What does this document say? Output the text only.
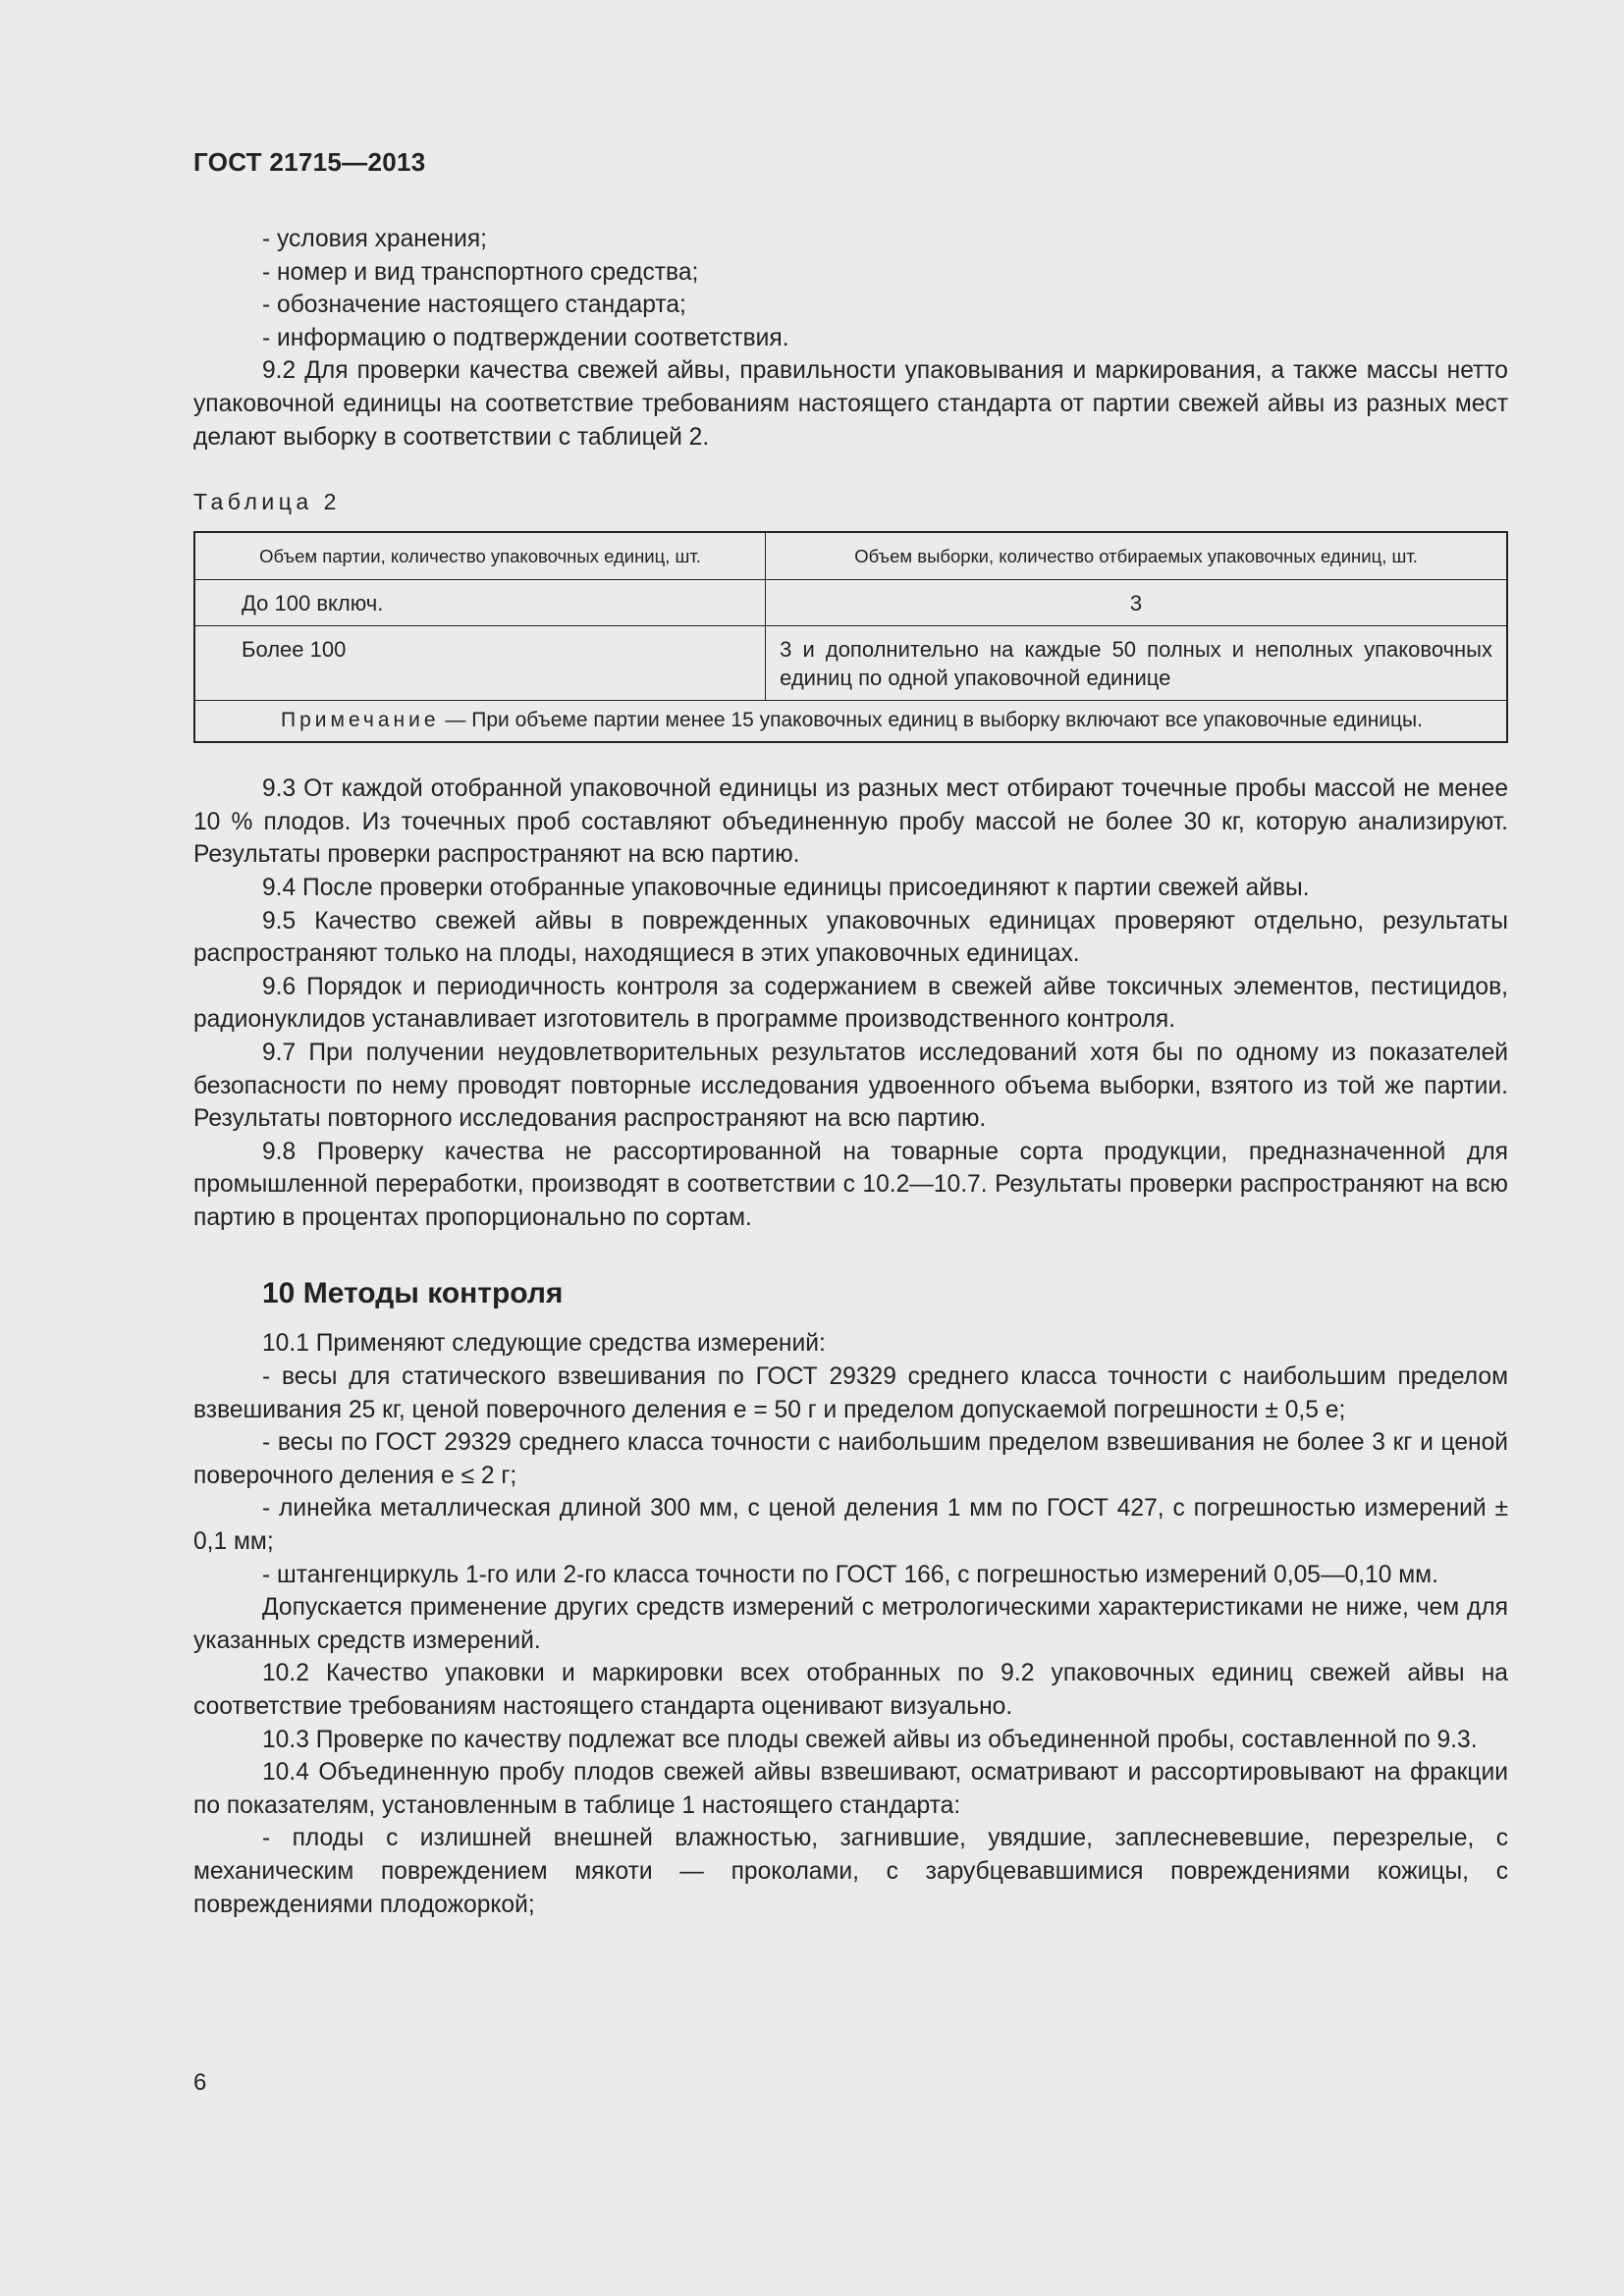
ГОСТ 21715—2013

- условия хранения;

- номер и вид транспортного средства;

- обозначение настоящего стандарта;

- информацию о подтверждении соответствия.

9.2 Для проверки качества свежей айвы, правильности упаковывания и маркирования, а также массы нетто упаковочной единицы на соответствие требованиям настоящего стандарта от партии свежей айвы из разных мест делают выборку в соответствии с таблицей 2.

Таблица 2
Объем партии, количество упаковочных единиц, шт.	Объем выборки, количество отбираемых упаковочных единиц, шт.
До 100 включ.	3
Более 100	3 и дополнительно на каждые 50 полных и неполных упаковочных единиц по одной упаковочной единице
Примечание — При объеме партии менее 15 упаковочных единиц в выборку включают все упаковочные единицы.	

9.3 От каждой отобранной упаковочной единицы из разных мест отбирают точечные пробы массой не менее 10 % плодов. Из точечных проб составляют объединенную пробу массой не более 30 кг, которую анализируют. Результаты проверки распространяют на всю партию.

9.4 После проверки отобранные упаковочные единицы присоединяют к партии свежей айвы.

9.5 Качество свежей айвы в поврежденных упаковочных единицах проверяют отдельно, результаты распространяют только на плоды, находящиеся в этих упаковочных единицах.

9.6 Порядок и периодичность контроля за содержанием в свежей айве токсичных элементов, пестицидов, радионуклидов устанавливает изготовитель в программе производственного контроля.

9.7 При получении неудовлетворительных результатов исследований хотя бы по одному из показателей безопасности по нему проводят повторные исследования удвоенного объема выборки, взятого из той же партии. Результаты повторного исследования распространяют на всю партию.

9.8 Проверку качества не рассортированной на товарные сорта продукции, предназначенной для промышленной переработки, производят в соответствии с 10.2—10.7. Результаты проверки распространяют на всю партию в процентах пропорционально по сортам.

10 Методы контроля

10.1 Применяют следующие средства измерений:

- весы для статического взвешивания по ГОСТ 29329 среднего класса точности с наибольшим пределом взвешивания 25 кг, ценой поверочного деления е = 50 г и пределом допускаемой погрешности ± 0,5 е;

- весы по ГОСТ 29329 среднего класса точности с наибольшим пределом взвешивания не более 3 кг и ценой поверочного деления е ≤ 2 г;

- линейка металлическая длиной 300 мм, с ценой деления 1 мм по ГОСТ 427, с погрешностью измерений ± 0,1 мм;

- штангенциркуль 1-го или 2-го класса точности по ГОСТ 166, с погрешностью измерений 0,05—0,10 мм.

Допускается применение других средств измерений с метрологическими характеристиками не ниже, чем для указанных средств измерений.

10.2 Качество упаковки и маркировки всех отобранных по 9.2 упаковочных единиц свежей айвы на соответствие требованиям настоящего стандарта оценивают визуально.

10.3 Проверке по качеству подлежат все плоды свежей айвы из объединенной пробы, составленной по 9.3.

10.4 Объединенную пробу плодов свежей айвы взвешивают, осматривают и рассортировывают на фракции по показателям, установленным в таблице 1 настоящего стандарта:

- плоды с излишней внешней влажностью, загнившие, увядшие, заплесневевшие, перезрелые, с механическим повреждением мякоти — проколами, с зарубцевавшимися повреждениями кожицы, с повреждениями плодожоркой;

6
